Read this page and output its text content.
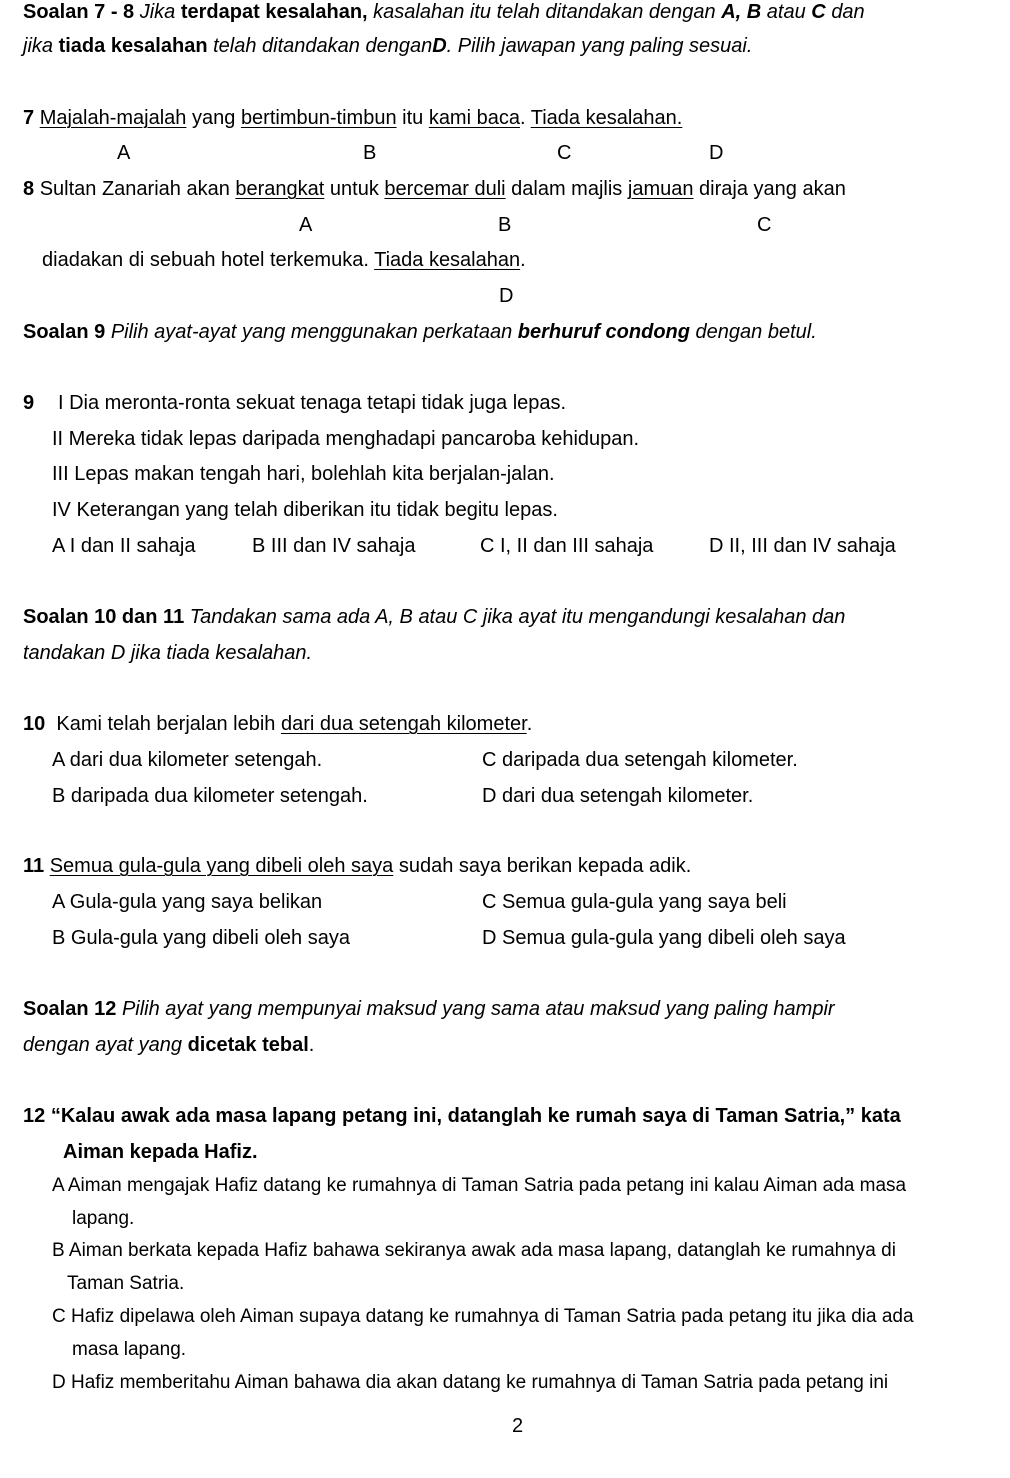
Soalan 7 - 8 Jika terdapat kesalahan, kasalahan itu telah ditandakan dengan A, B atau C dan
jika tiada kesalahan telah ditandakan denganD. Pilih jawapan yang paling sesuai.
7 Majalah-majalah yang bertimbun-timbun itu kami baca. Tiada kesalahan.
A	B	C	D
8 Sultan Zanariah akan berangkat untuk bercemar duli dalam majlis jamuan diraja yang akan
A	B	C
diadakan di sebuah hotel terkemuka. Tiada kesalahan.
D
Soalan 9 Pilih ayat-ayat yang menggunakan perkataan berhuruf condong dengan betul.
9 I Dia meronta-ronta sekuat tenaga tetapi tidak juga lepas.
II Mereka tidak lepas daripada menghadapi pancaroba kehidupan.
III Lepas makan tengah hari, bolehlah kita berjalan-jalan.
IV Keterangan yang telah diberikan itu tidak begitu lepas.
A I dan II sahaja	B III dan IV sahaja	C I, II dan III sahaja	D II, III dan IV sahaja
Soalan 10 dan 11 Tandakan sama ada A, B atau C jika ayat itu mengandungi kesalahan dan
tandakan D jika tiada kesalahan.
10 Kami telah berjalan lebih dari dua setengah kilometer.
A dari dua kilometer setengah.	C daripada dua setengah kilometer.
B daripada dua kilometer setengah.	D dari dua setengah kilometer.
11 Semua gula-gula yang dibeli oleh saya sudah saya berikan kepada adik.
A Gula-gula yang saya belikan	C Semua gula-gula yang saya beli
B Gula-gula yang dibeli oleh saya	D Semua gula-gula yang dibeli oleh saya
Soalan 12 Pilih ayat yang mempunyai maksud yang sama atau maksud yang paling hampir
dengan ayat yang dicetak tebal.
12 “Kalau awak ada masa lapang petang ini, datanglah ke rumah saya di Taman Satria,” kata
Aiman kepada Hafiz.
A Aiman mengajak Hafiz datang ke rumahnya di Taman Satria pada petang ini kalau Aiman ada masa
lapang.
B Aiman berkata kepada Hafiz bahawa sekiranya awak ada masa lapang, datanglah ke rumahnya di
Taman Satria.
C Hafiz dipelawa oleh Aiman supaya datang ke rumahnya di Taman Satria pada petang itu jika dia ada
masa lapang.
D Hafiz memberitahu Aiman bahawa dia akan datang ke rumahnya di Taman Satria pada petang ini
2
